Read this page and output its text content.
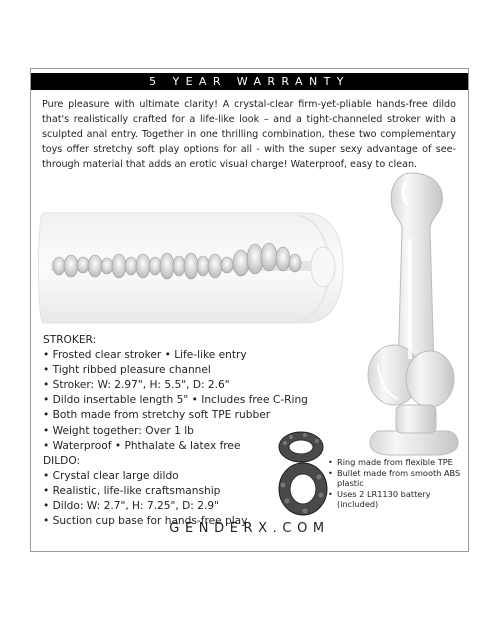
5 YEAR WARRANTY
Pure pleasure with ultimate clarity! A crystal-clear firm-yet-pliable hands-free dildo that's realistically crafted for a life-like look – and a tight-channeled stroker with a sculpted anal entry. Together in one thrilling combination, these two complementary toys offer stretchy soft play options for all - with the super sexy advantage of see-through material that adds an erotic visual charge! Waterproof, easy to clean.
STROKER:
• Frosted clear stroker • Life-like entry
• Tight ribbed pleasure channel
• Stroker: W: 2.97", H: 5.5", D: 2.6"
• Dildo insertable length 5" • Includes free C-Ring
• Both made from stretchy soft TPE rubber
• Weight together: Over 1 lb
• Waterproof • Phthalate & latex free
DILDO:
• Crystal clear large dildo
• Realistic, life-like craftsmanship
• Dildo: W: 2.7", H: 7.25", D: 2.9"
• Suction cup base for hands-free play
• Ring made from flexible TPE
• Bullet made from smooth ABS plastic
• Uses 2 LR1130 battery (included)
GENDERX.COM
